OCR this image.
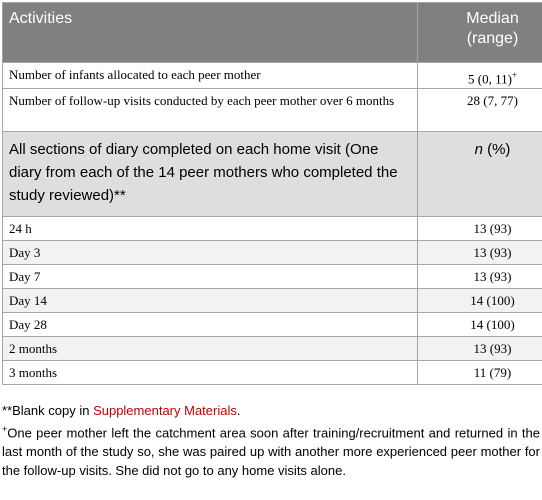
Activities	Median
(range)
Number of infants allocated to each peer mother	5 (0, 11)+
Number of follow-up visits conducted by each peer mother over 6 months	28 (7, 77)
All sections of diary completed on each home visit (One diary from each of the 14 peer mothers who completed the study reviewed)**	n (%)
24 h	13 (93)
Day 3	13 (93)
Day 7	13 (93)
Day 14	14 (100)
Day 28	14 (100)
2 months	13 (93)
3 months	11 (79)

**Blank copy in Supplementary Materials.

+One peer mother left the catchment area soon after training/recruitment and returned in the last month of the study so, she was paired up with another more experienced peer mother for the follow-up visits. She did not go to any home visits alone.
